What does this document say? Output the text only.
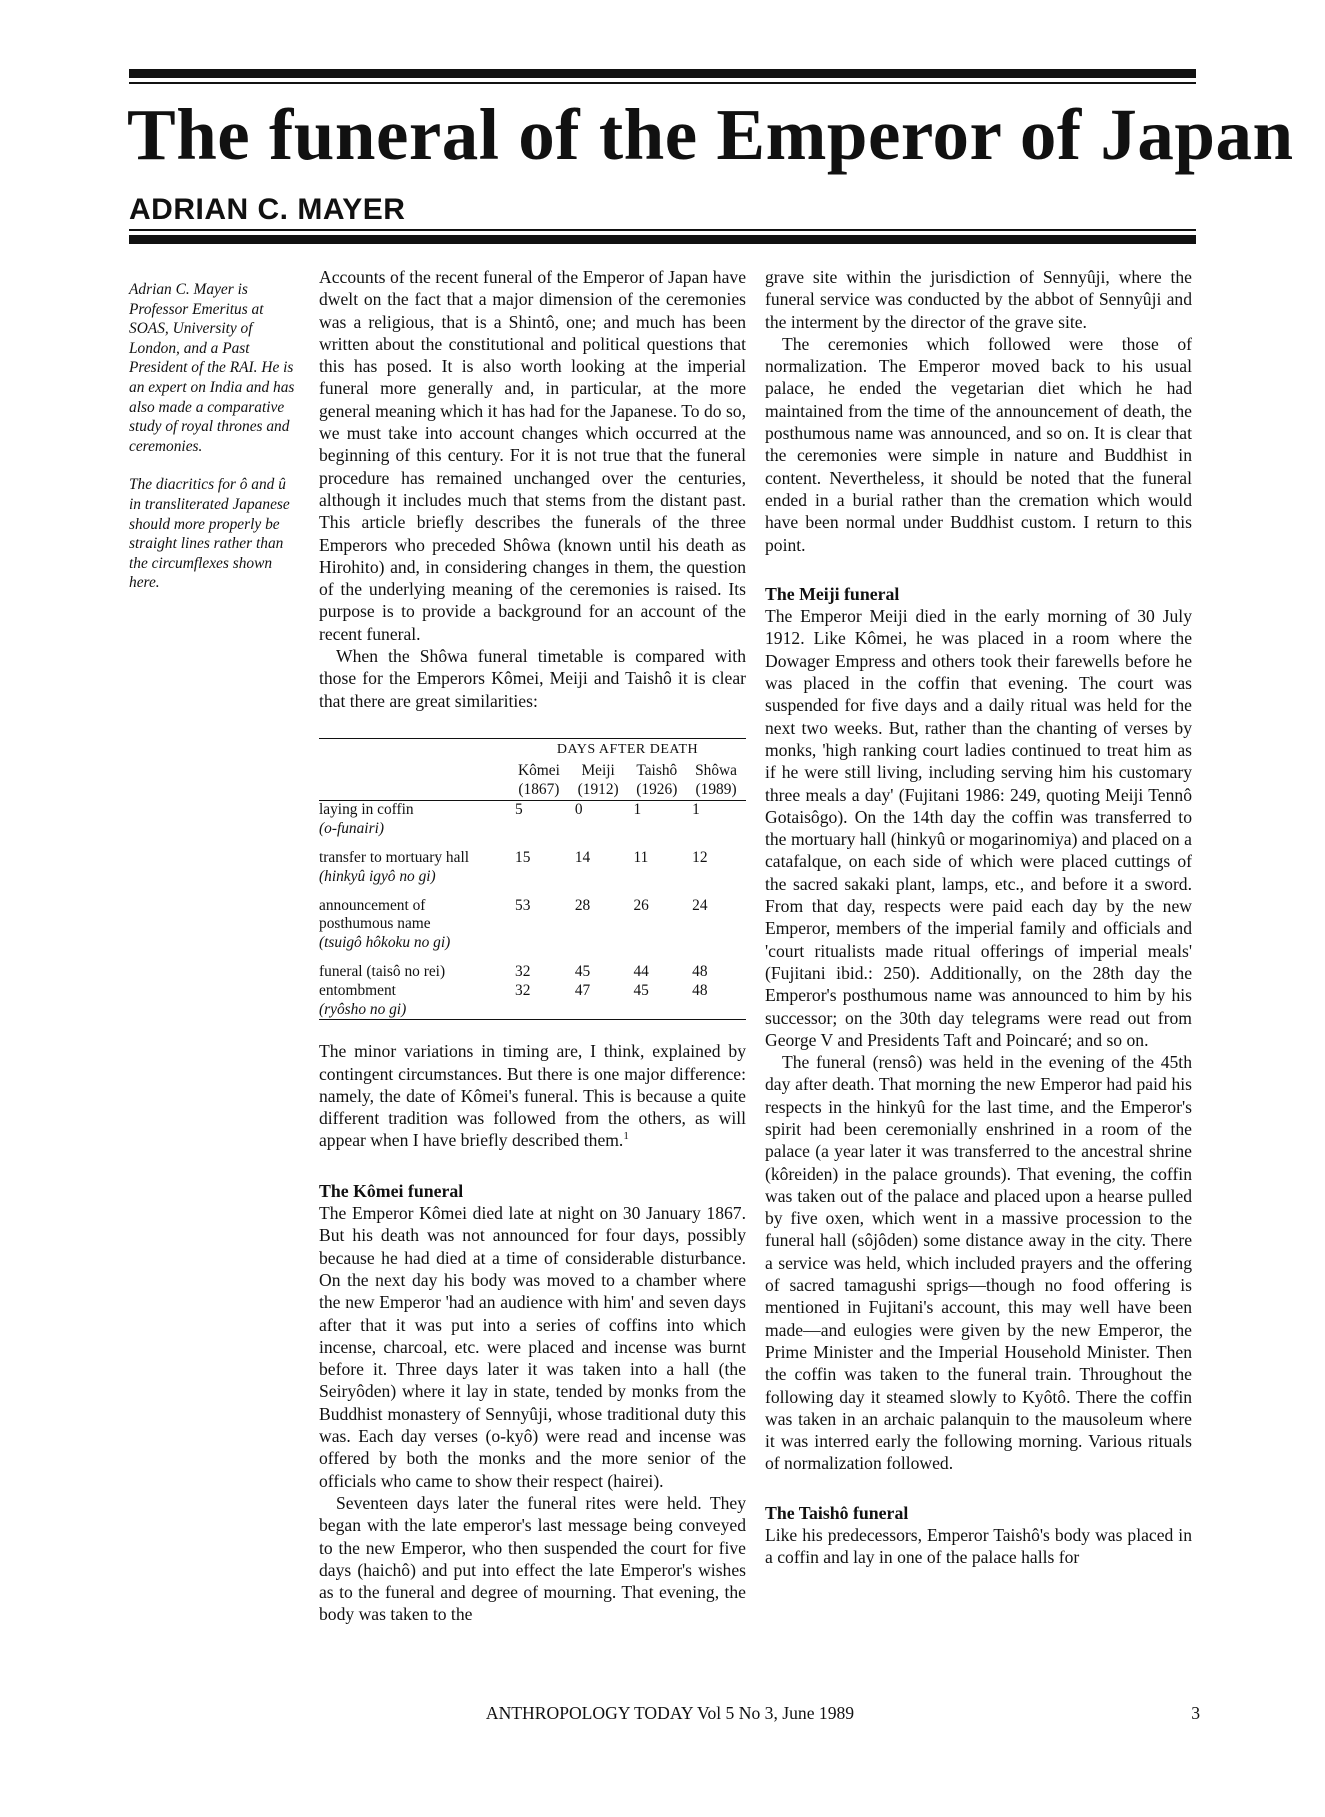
The funeral of the Emperor of Japan
ADRIAN C. MAYER

Adrian C. Mayer is Professor Emeritus at SOAS, University of London, and a Past President of the RAI. He is an expert on India and has also made a comparative study of royal thrones and ceremonies.

The diacritics for ô and û in transliterated Japanese should more properly be straight lines rather than the circumflexes shown here.

Accounts of the recent funeral of the Emperor of Japan have dwelt on the fact that a major dimension of the ceremonies was a religious, that is a Shintô, one; and much has been written about the constitutional and political questions that this has posed. It is also worth looking at the imperial funeral more generally and, in particular, at the more general meaning which it has had for the Japanese. To do so, we must take into account changes which occurred at the beginning of this century. For it is not true that the funeral procedure has remained unchanged over the centuries, although it includes much that stems from the distant past. This article briefly describes the funerals of the three Emperors who preceded Shôwa (known until his death as Hirohito) and, in considering changes in them, the question of the underlying meaning of the ceremonies is raised. Its purpose is to provide a background for an account of the recent funeral.

When the Shôwa funeral timetable is compared with those for the Emperors Kômei, Meiji and Taishô it is clear that there are great similarities:

	DAYS AFTER DEATH			
	Kômei	Meiji	Taishô	Shôwa
	(1867)	(1912)	(1926)	(1989)

laying in coffin
(o-funairi)	5	0	1	1

transfer to mortuary hall
(hinkyû igyô no gi)	15	14	11	12

announcement of
posthumous name
(tsuigô hôkoku no gi)	53	28	26	24

funeral (taisô no rei)	32	45	44	48

entombment
(ryôsho no gi)	32	47	45	48

The minor variations in timing are, I think, explained by contingent circumstances. But there is one major difference: namely, the date of Kômei's funeral. This is because a quite different tradition was followed from the others, as will appear when I have briefly described them.$^1$

The Kômei funeral

The Emperor Kômei died late at night on 30 January 1867. But his death was not announced for four days, possibly because he had died at a time of considerable disturbance. On the next day his body was moved to a chamber where the new Emperor 'had an audience with him' and seven days after that it was put into a series of coffins into which incense, charcoal, etc. were placed and incense was burnt before it. Three days later it was taken into a hall (the Seiryôden) where it lay in state, tended by monks from the Buddhist monastery of Sennyûji, whose traditional duty this was. Each day verses (o-kyô) were read and incense was offered by both the monks and the more senior of the officials who came to show their respect (hairei).

Seventeen days later the funeral rites were held. They began with the late emperor's last message being conveyed to the new Emperor, who then suspended the court for five days (haichô) and put into effect the late Emperor's wishes as to the funeral and degree of mourning. That evening, the body was taken to the

grave site within the jurisdiction of Sennyûji, where the funeral service was conducted by the abbot of Sennyûji and the interment by the director of the grave site.

The ceremonies which followed were those of normalization. The Emperor moved back to his usual palace, he ended the vegetarian diet which he had maintained from the time of the announcement of death, the posthumous name was announced, and so on. It is clear that the ceremonies were simple in nature and Buddhist in content. Nevertheless, it should be noted that the funeral ended in a burial rather than the cremation which would have been normal under Buddhist custom. I return to this point.

The Meiji funeral

The Emperor Meiji died in the early morning of 30 July 1912. Like Kômei, he was placed in a room where the Dowager Empress and others took their farewells before he was placed in the coffin that evening. The court was suspended for five days and a daily ritual was held for the next two weeks. But, rather than the chanting of verses by monks, 'high ranking court ladies continued to treat him as if he were still living, including serving him his customary three meals a day' (Fujitani 1986: 249, quoting Meiji Tennô Gotaisôgo). On the 14th day the coffin was transferred to the mortuary hall (hinkyû or mogarinomiya) and placed on a catafalque, on each side of which were placed cuttings of the sacred sakaki plant, lamps, etc., and before it a sword. From that day, respects were paid each day by the new Emperor, members of the imperial family and officials and 'court ritualists made ritual offerings of imperial meals' (Fujitani ibid.: 250). Additionally, on the 28th day the Emperor's posthumous name was announced to him by his successor; on the 30th day telegrams were read out from George V and Presidents Taft and Poincaré; and so on.

The funeral (rensô) was held in the evening of the 45th day after death. That morning the new Emperor had paid his respects in the hinkyû for the last time, and the Emperor's spirit had been ceremonially enshrined in a room of the palace (a year later it was transferred to the ancestral shrine (kôreiden) in the palace grounds). That evening, the coffin was taken out of the palace and placed upon a hearse pulled by five oxen, which went in a massive procession to the funeral hall (sôjôden) some distance away in the city. There a service was held, which included prayers and the offering of sacred tamagushi sprigs—though no food offering is mentioned in Fujitani's account, this may well have been made—and eulogies were given by the new Emperor, the Prime Minister and the Imperial Household Minister. Then the coffin was taken to the funeral train. Throughout the following day it steamed slowly to Kyôtô. There the coffin was taken in an archaic palanquin to the mausoleum where it was interred early the following morning. Various rituals of normalization followed.

The Taishô funeral

Like his predecessors, Emperor Taishô's body was placed in a coffin and lay in one of the palace halls for

ANTHROPOLOGY TODAY Vol 5 No 3, June 1989	3
